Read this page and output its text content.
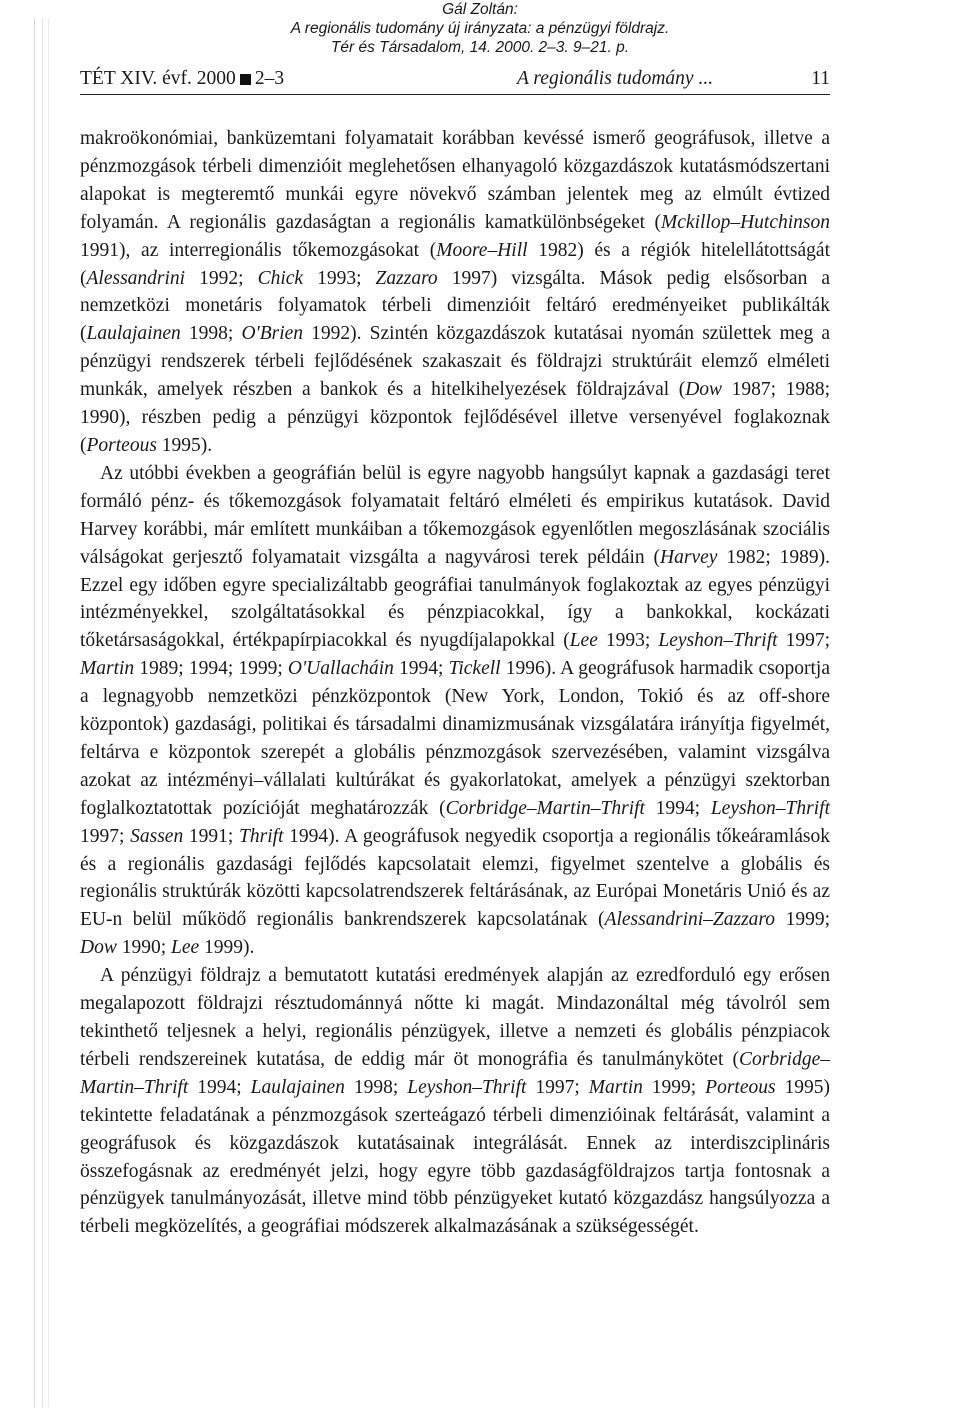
Gál Zoltán:
A regionális tudomány új irányzata: a pénzügyi földrajz.
Tér és Társadalom, 14. 2000. 2–3. 9–21. p.
TÉT XIV. évf. 2000 2–3	A regionális tudomány ...	11

makroökonómiai, banküzemtani folyamatait korábban kevéssé ismerő geográfusok, illetve a pénzmozgások térbeli dimenzióit meglehetősen elhanyagoló közgazdászok kutatásmódszertani alapokat is megteremtő munkái egyre növekvő számban jelentek meg az elmúlt évtized folyamán. A regionális gazdaságtan a regionális kamatkülönbségeket (Mckillop–Hutchinson 1991), az interregionális tőkemozgásokat (Moore–Hill 1982) és a régiók hitelellátottságát (Alessandrini 1992; Chick 1993; Zazzaro 1997) vizsgálta. Mások pedig elsősorban a nemzetközi monetáris folyamatok térbeli dimenzióit feltáró eredményeiket publikálták (Laulajainen 1998; O'Brien 1992). Szintén közgazdászok kutatásai nyomán születtek meg a pénzügyi rendszerek térbeli fejlődésének szakaszait és földrajzi struktúráit elemző elméleti munkák, amelyek részben a bankok és a hitelkihelyezések földrajzával (Dow 1987; 1988; 1990), részben pedig a pénzügyi központok fejlődésével illetve versenyével foglakoznak (Porteous 1995).

Az utóbbi években a geográfián belül is egyre nagyobb hangsúlyt kapnak a gazdasági teret formáló pénz- és tőkemozgások folyamatait feltáró elméleti és empirikus kutatások. David Harvey korábbi, már említett munkáiban a tőkemozgások egyenlőtlen megoszlásának szociális válságokat gerjesztő folyamatait vizsgálta a nagyvárosi terek példáin (Harvey 1982; 1989). Ezzel egy időben egyre specializáltabb geográfiai tanulmányok foglakoztak az egyes pénzügyi intézményekkel, szolgáltatásokkal és pénzpiacokkal, így a bankokkal, kockázati tőketársaságokkal, értékpapírpiacokkal és nyugdíjalapokkal (Lee 1993; Leyshon–Thrift 1997; Martin 1989; 1994; 1999; O'Uallacháin 1994; Tickell 1996). A geográfusok harmadik csoportja a legnagyobb nemzetközi pénzközpontok (New York, London, Tokió és az off-shore központok) gazdasági, politikai és társadalmi dinamizmusának vizsgálatára irányítja figyelmét, feltárva e központok szerepét a globális pénzmozgások szervezésében, valamint vizsgálva azokat az intézményi–vállalati kultúrákat és gyakorlatokat, amelyek a pénzügyi szektorban foglalkoztatottak pozícióját meghatározzák (Corbridge–Martin–Thrift 1994; Leyshon–Thrift 1997; Sassen 1991; Thrift 1994). A geográfusok negyedik csoportja a regionális tőkeáramlások és a regionális gazdasági fejlődés kapcsolatait elemzi, figyelmet szentelve a globális és regionális struktúrák közötti kapcsolatrendszerek feltárásának, az Európai Monetáris Unió és az EU-n belül működő regionális bankrendszerek kapcsolatának (Alessandrini–Zazzaro 1999; Dow 1990; Lee 1999).

A pénzügyi földrajz a bemutatott kutatási eredmények alapján az ezredforduló egy erősen megalapozott földrajzi résztudománnyá nőtte ki magát. Mindazonáltal még távolról sem tekinthető teljesnek a helyi, regionális pénzügyek, illetve a nemzeti és globális pénzpiacok térbeli rendszereinek kutatása, de eddig már öt monográfia és tanulmánykötet (Corbridge–Martin–Thrift 1994; Laulajainen 1998; Leyshon–Thrift 1997; Martin 1999; Porteous 1995) tekintette feladatának a pénzmozgások szerteágazó térbeli dimenzióinak feltárását, valamint a geográfusok és közgazdászok kutatásainak integrálását. Ennek az interdiszciplináris összefogásnak az eredményét jelzi, hogy egyre több gazdaságföldrajzos tartja fontosnak a pénzügyek tanulmányozását, illetve mind több pénzügyeket kutató közgazdász hangsúlyozza a térbeli megközelítés, a geográfiai módszerek alkalmazásának a szükségességét.
